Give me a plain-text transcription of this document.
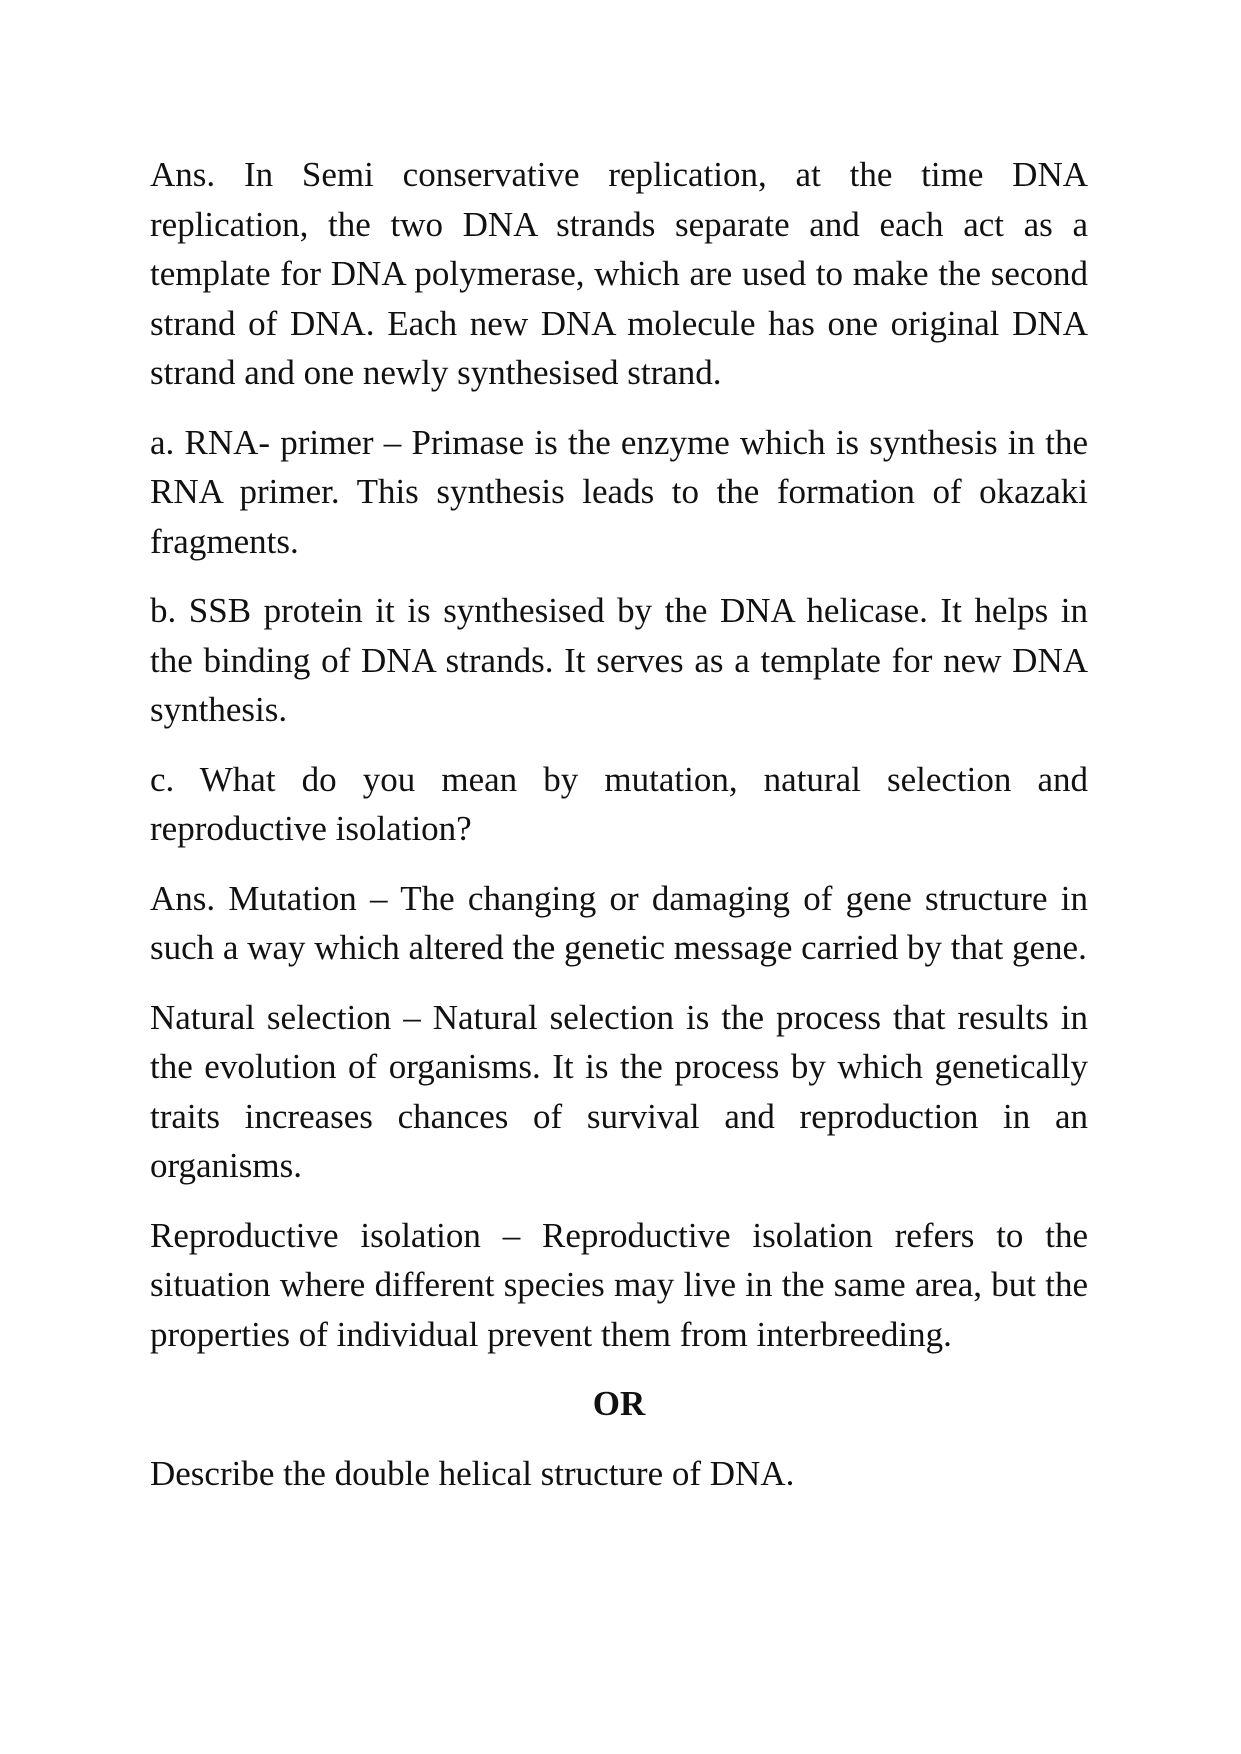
Ans. In Semi conservative replication, at the time DNA replication, the two DNA strands separate and each act as a template for DNA polymerase, which are used to make the second strand of DNA. Each new DNA molecule has one original DNA strand and one newly synthesised strand.

a. RNA- primer – Primase is the enzyme which is synthesis in the RNA primer. This synthesis leads to the formation of okazaki fragments.

b. SSB protein it is synthesised by the DNA helicase. It helps in the binding of DNA strands. It serves as a template for new DNA synthesis.

c. What do you mean by mutation, natural selection and reproductive isolation?

Ans. Mutation – The changing or damaging of gene structure in such a way which altered the genetic message carried by that gene.

Natural selection – Natural selection is the process that results in the evolution of organisms. It is the process by which genetically traits increases chances of survival and reproduction in an organisms.

Reproductive isolation – Reproductive isolation refers to the situation where different species may live in the same area, but the properties of individual prevent them from interbreeding.

OR

Describe the double helical structure of DNA.
